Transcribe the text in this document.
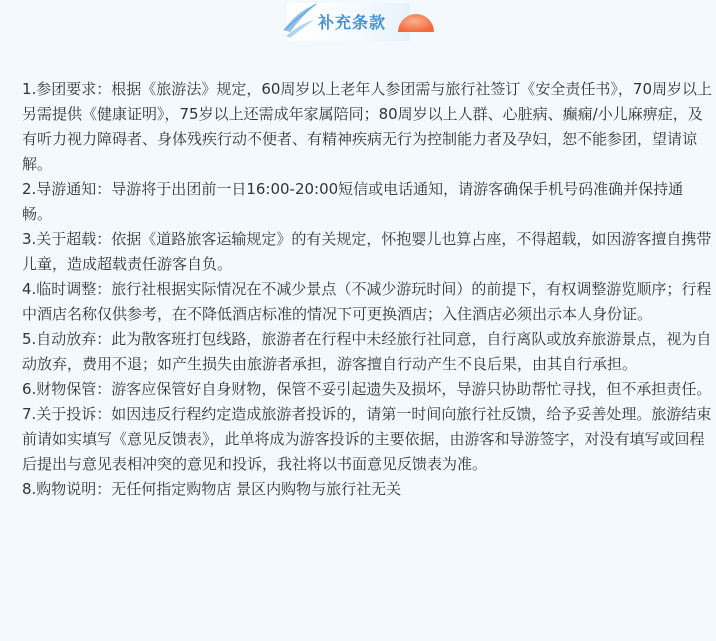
补充条款

1.参团要求：根据《旅游法》规定，60周岁以上老年人参团需与旅行社签订《安全责任书》，70周岁以上另需提供《健康证明》，75岁以上还需成年家属陪同；80周岁以上人群、心脏病、癫痫/小儿麻痹症，及有听力视力障碍者、身体残疾行动不便者、有精神疾病无行为控制能力者及孕妇，恕不能参团，望请谅解。

2.导游通知：导游将于出团前一日16:00-20:00短信或电话通知，请游客确保手机号码准确并保持通畅。

3.关于超载：依据《道路旅客运输规定》的有关规定，怀抱婴儿也算占座，不得超载，如因游客擅自携带儿童，造成超载责任游客自负。

4.临时调整：旅行社根据实际情况在不减少景点（不减少游玩时间）的前提下，有权调整游览顺序；行程中酒店名称仅供参考，在不降低酒店标准的情况下可更换酒店；入住酒店必须出示本人身份证。

5.自动放弃：此为散客班打包线路，旅游者在行程中未经旅行社同意，自行离队或放弃旅游景点，视为自动放弃，费用不退；如产生损失由旅游者承担，游客擅自行动产生不良后果，由其自行承担。

6.财物保管：游客应保管好自身财物，保管不妥引起遗失及损坏，导游只协助帮忙寻找，但不承担责任。

7.关于投诉：如因违反行程约定造成旅游者投诉的，请第一时间向旅行社反馈，给予妥善处理。旅游结束前请如实填写《意见反馈表》，此单将成为游客投诉的主要依据，由游客和导游签字，对没有填写或回程后提出与意见表相冲突的意见和投诉，我社将以书面意见反馈表为准。

8.购物说明：无任何指定购物店 景区内购物与旅行社无关
